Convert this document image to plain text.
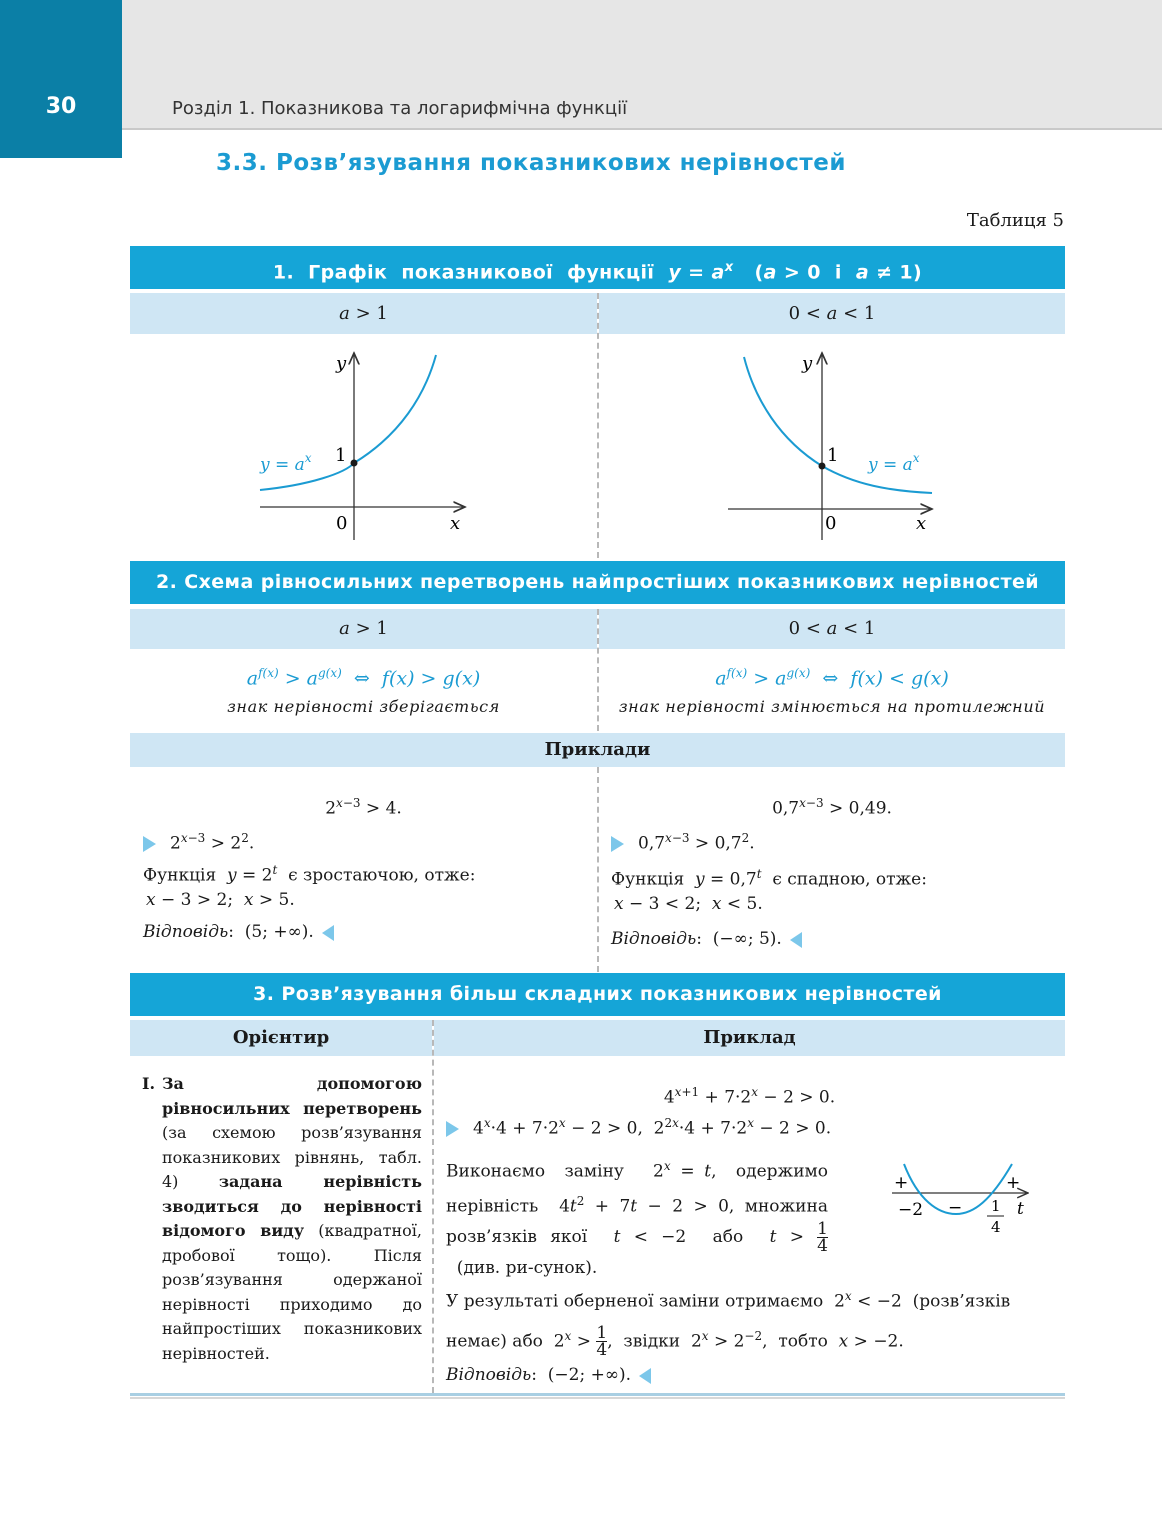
30	Розділ 1. Показникова та логарифмічна функції
3.3. Розв’язування показникових нерівностей
Таблиця 5
1.  Графік  показникової  функції  $y = a^x$   (a > 0  і  a ≠ 1)
a > 1	0 < a < 1
y
x
0
1
$y = a^x$
y
x
0
1 $y = a^x$
2. Схема рівносильних перетворень найпростіших показникових нерівностей
a > 1	0 < a < 1
$a^{f(x)} > a^{g(x)}$  ⇔  f(x) > g(x)
знак нерівності зберігається
$a^{f(x)} > a^{g(x)}$  ⇔  f(x) < g(x)
знак нерівності змінюється на протилежний
Приклади
$2^{x-3} > 4$.
$2^{x-3} > 2^2$.
Функція  $y = 2^t$  є зростаючою, отже:
x − 3 > 2;  x > 5.
Відповідь:  (5; +∞).
$0,7^{x-3} > 0,49$.
$0,7^{x-3} > 0,7^2$.
Функція  $y = 0,7^t$  є спадною, отже:
x − 3 < 2;  x < 5.
Відповідь:  (−∞; 5).
3. Розв’язування більш складних показникових нерівностей
Орієнтир	Приклад
I. За допомогою рівносильних перетворень (за схемою розв’язування показникових рівнянь, табл. 4) задана нерівність зводиться до нерівності відомого виду (квадратної, дробової тощо). Після розв’язування одержаної нерівності приходимо до найпростіших показникових нерівностей.
$4^{x+1} + 7\cdot 2^x - 2 > 0$.
$4^x\cdot 4 + 7\cdot 2^x - 2 > 0$,  $2^{2x}\cdot 4 + 7\cdot 2^x - 2 > 0$.
Виконаємо  заміну   $2^x = t$,  одержимо нерівність  $4t^2 + 7t - 2 > 0$, множина розв’язків якої  t < −2  або  $t > \frac{1}{4}$
(див. ри-сунок).
+
−
+
−2	1
4
t
У результаті оберненої заміни отримаємо  $2^x < -2$  (розв’язків немає) або  $2^x > \frac{1}{4}$ ,  звідки  $2^x > 2^{-2}$,  тобто  x > −2.
Відповідь:  (−2; +∞).
